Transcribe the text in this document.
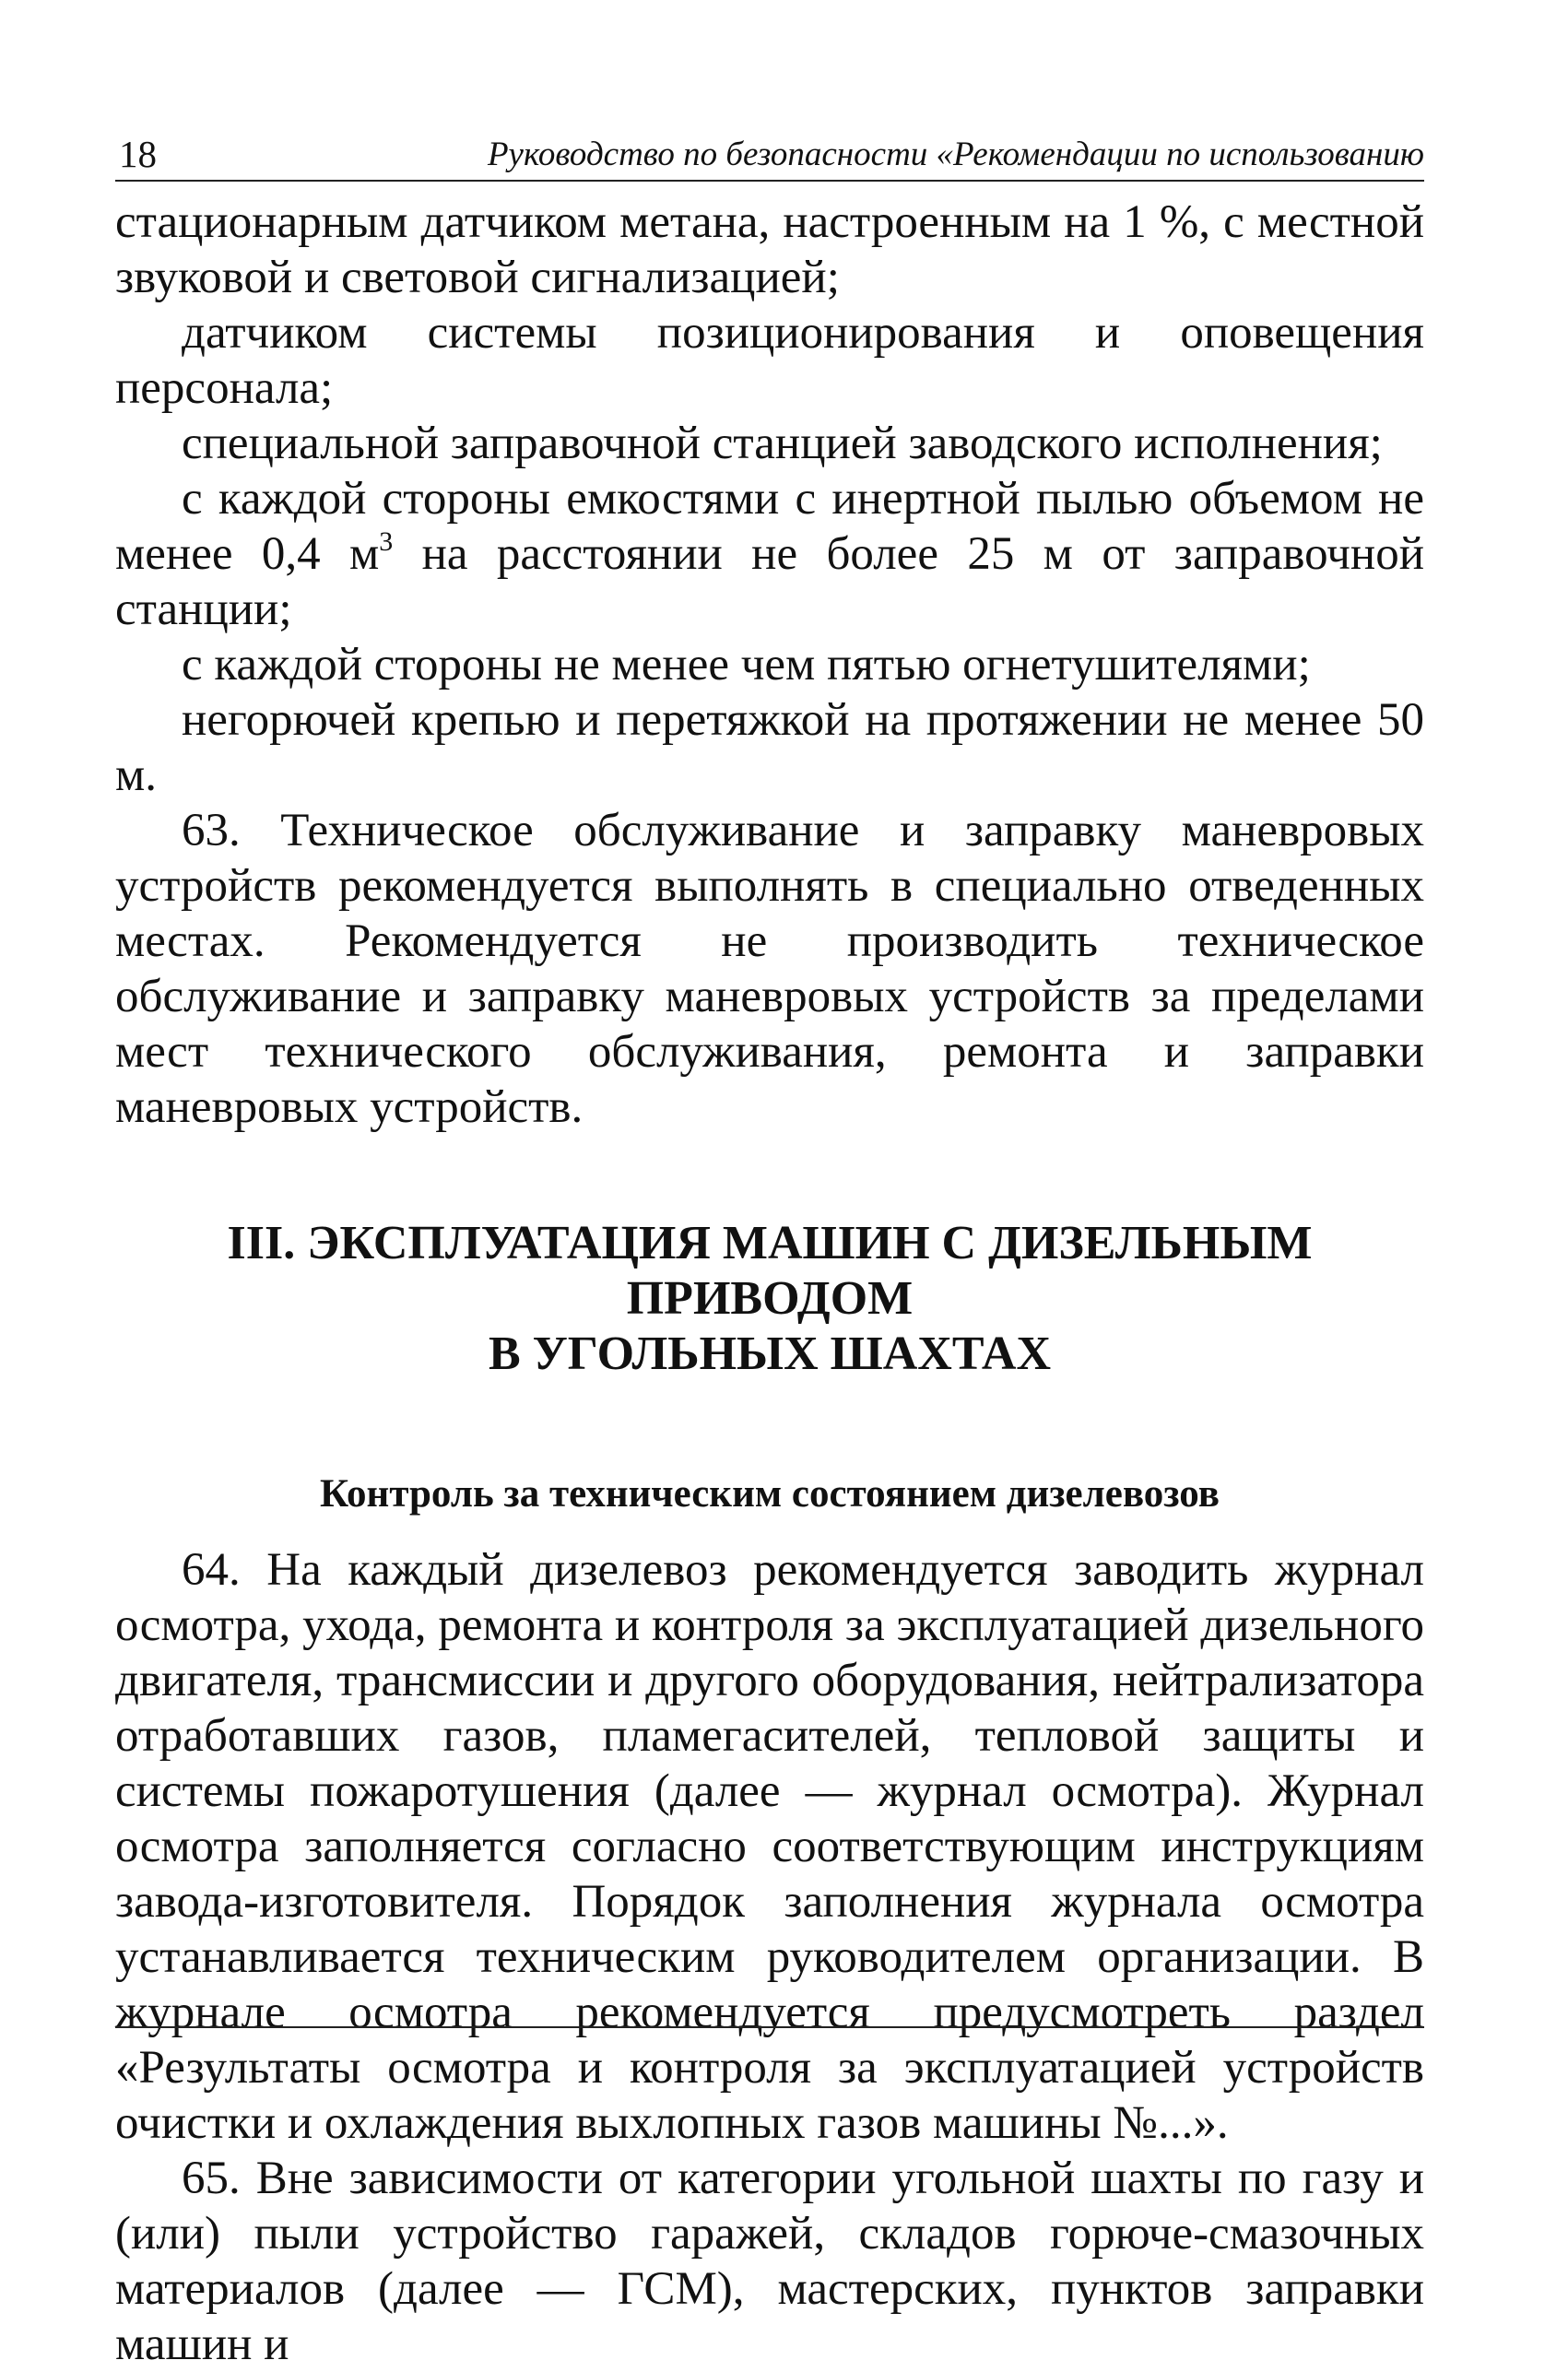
18	Руководство по безопасности «Рекомендации по использованию

стационарным датчиком метана, настроенным на 1 %, с местной звуковой и световой сигнализацией;

датчиком системы позиционирования и оповещения персонала;

специальной заправочной станцией заводского исполнения;

с каждой стороны емкостями с инертной пылью объемом не менее 0,4 $м^3$ на расстоянии не более 25 м от заправочной станции;

с каждой стороны не менее чем пятью огнетушителями;

негорючей крепью и перетяжкой на протяжении не менее 50 м.

63. Техническое обслуживание и заправку маневровых устройств рекомендуется выполнять в специально отведенных местах. Рекомендуется не производить техническое обслуживание и заправку маневровых устройств за пределами мест технического обслуживания, ремонта и заправки маневровых устройств.

III. ЭКСПЛУАТАЦИЯ МАШИН С ДИЗЕЛЬНЫМ ПРИВОДОМ
В УГОЛЬНЫХ ШАХТАХ
Контроль за техническим состоянием дизелевозов

64. На каждый дизелевоз рекомендуется заводить журнал осмотра, ухода, ремонта и контроля за эксплуатацией дизельного двигателя, трансмиссии и другого оборудования, нейтрализатора отработавших газов, пламегасителей, тепловой защиты и системы пожаротушения (далее — журнал осмотра). Журнал осмотра заполняется согласно соответствующим инструкциям завода-изготовителя. Порядок заполнения журнала осмотра устанавливается техническим руководителем организации. В журнале осмотра рекомендуется предусмотреть раздел «Результаты осмотра и контроля за эксплуатацией устройств очистки и охлаждения выхлопных газов машины №...».

65. Вне зависимости от категории угольной шахты по газу и (или) пыли устройство гаражей, складов горюче-смазочных материалов (далее — ГСМ), мастерских, пунктов заправки машин и
